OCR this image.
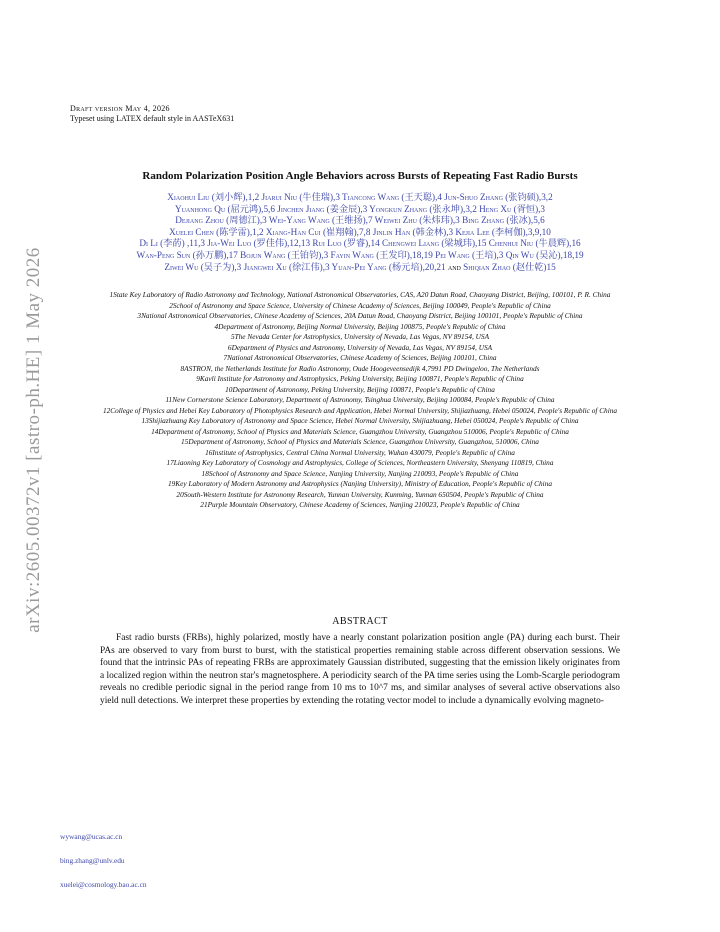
arXiv:2605.00372v1 [astro-ph.HE] 1 May 2026
Draft version May 4, 2026
Typeset using LATEX default style in AASTeX631
Random Polarization Position Angle Behaviors across Bursts of Repeating Fast Radio Bursts
Xiaohui Liu (刘小辉),1,2 Jiarui Niu (牛佳瑞),3 Tiancong Wang (王天聪),4 Jun-Shuo Zhang (张钧硕),3,2
Yuanhong Qu (屈元鸿),5,6 Jinchen Jiang (姜金辰),3 Yongkun Zhang (张永坤),3,2 Heng Xu (胥恒),3
Dejiang Zhou (周德江),3 Wei-Yang Wang (王维扬),7 Weiwei Zhu (朱炜玮),3 Bing Zhang (张冰),5,6
Xuelei Chen (陈学雷),1,2 Xiang-Han Cui (崔翔翰),7,8 Jinlin Han (韩金林),3 Kejia Lee (李柯伽),3,9,10
Di Li (李菂) ,11,3 Jia-Wei Luo (罗佳伟),12,13 Rui Luo (罗睿),14 Chengwei Liang (梁城玮),15 Chenhui Niu (牛晨辉),16
Wan-Peng Sun (孙万鹏),17 Bojun Wang (王铂钧),3 Fayin Wang (王发印),18,19 Pei Wang (王培),3 Qin Wu (吴沁),18,19
Ziwei Wu (吴子为),3 Jiangwei Xu (徐江伟),3 Yuan-Pei Yang (杨元培),20,21 and Shiqian Zhao (赵仕乾)15
1State Key Laboratory of Radio Astronomy and Technology, National Astronomical Observatories, CAS, A20 Datun Road, Chaoyang District, Beijing, 100101, P. R. China
2School of Astronomy and Space Science, University of Chinese Academy of Sciences, Beijing 100049, People's Republic of China
3National Astronomical Observatories, Chinese Academy of Sciences, 20A Datun Road, Chaoyang District, Beijing 100101, People's Republic of China
4Department of Astronomy, Beijing Normal University, Beijing 100875, People's Republic of China
5The Nevada Center for Astrophysics, University of Nevada, Las Vegas, NV 89154, USA
6Department of Physics and Astronomy, University of Nevada, Las Vegas, NV 89154, USA
7National Astronomical Observatories, Chinese Academy of Sciences, Beijing 100101, China
8ASTRON, the Netherlands Institute for Radio Astronomy, Oude Hoogeveensedijk 4,7991 PD Dwingeloo, The Netherlands
9Kavli Institute for Astronomy and Astrophysics, Peking University, Beijing 100871, People's Republic of China
10Department of Astronomy, Peking University, Beijing 100871, People's Republic of China
11New Cornerstone Science Laboratory, Department of Astronomy, Tsinghua University, Beijing 100084, People's Republic of China
12College of Physics and Hebei Key Laboratory of Photophysics Research and Application, Hebei Normal University, Shijiazhuang, Hebei 050024, People's Republic of China
13Shijiazhuang Key Laboratory of Astronomy and Space Science, Hebei Normal University, Shijiazhuang, Hebei 050024, People's Republic of China
14Department of Astronomy, School of Physics and Materials Science, Guangzhou University, Guangzhou 510006, People's Republic of China
15Department of Astronomy, School of Physics and Materials Science, Guangzhou University, Guangzhou, 510006, China
16Institute of Astrophysics, Central China Normal University, Wuhan 430079, People's Republic of China
17Liaoning Key Laboratory of Cosmology and Astrophysics, College of Sciences, Northeastern University, Shenyang 110819, China
18School of Astronomy and Space Science, Nanjing University, Nanjing 210093, People's Republic of China
19Key Laboratory of Modern Astronomy and Astrophysics (Nanjing University), Ministry of Education, People's Republic of China
20South-Western Institute for Astronomy Research, Yunnan University, Kunming, Yunnan 650504, People's Republic of China
21Purple Mountain Observatory, Chinese Academy of Sciences, Nanjing 210023, People's Republic of China
ABSTRACT
Fast radio bursts (FRBs), highly polarized, mostly have a nearly constant polarization position angle (PA) during each burst. Their PAs are observed to vary from burst to burst, with the statistical properties remaining stable across different observation sessions. We found that the intrinsic PAs of repeating FRBs are approximately Gaussian distributed, suggesting that the emission likely originates from a localized region within the neutron star's magnetosphere. A periodicity search of the PA time series using the Lomb-Scargle periodogram reveals no credible periodic signal in the period range from 10 ms to 10^7 ms, and similar analyses of several active observations also yield null detections. We interpret these properties by extending the rotating vector model to include a dynamically evolving magneto-
wywang@ucas.ac.cn
bing.zhang@unlv.edu
xuelei@cosmology.bao.ac.cn
